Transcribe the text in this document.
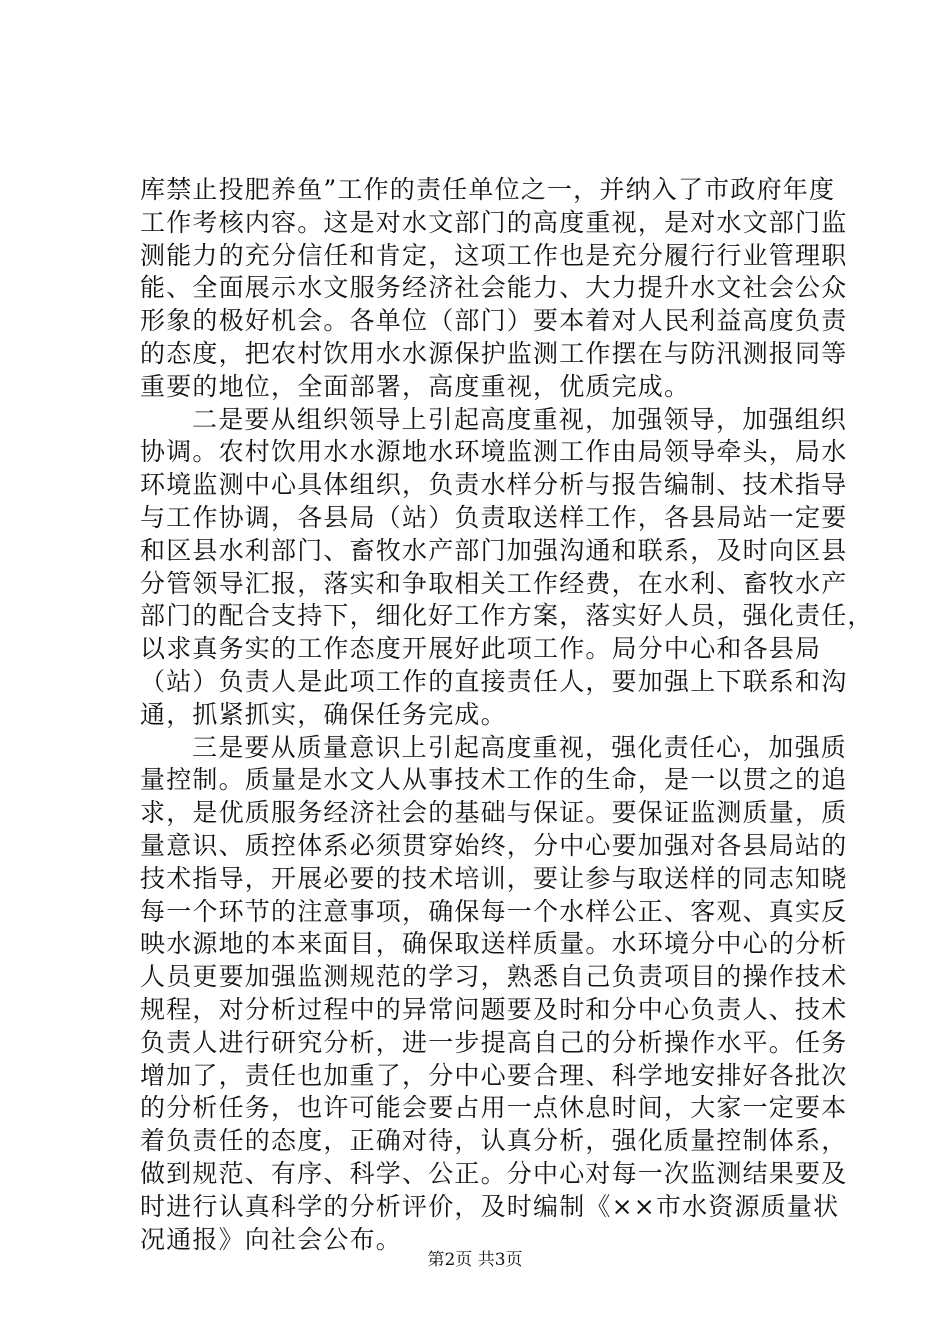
库禁止投肥养鱼”工作的责任单位之一，并纳入了市政府年度
工作考核内容。这是对水文部门的高度重视，是对水文部门监
测能力的充分信任和肯定，这项工作也是充分履行行业管理职
能、全面展示水文服务经济社会能力、大力提升水文社会公众
形象的极好机会。各单位（部门）要本着对人民利益高度负责
的态度，把农村饮用水水源保护监测工作摆在与防汛测报同等
重要的地位，全面部署，高度重视，优质完成。
二是要从组织领导上引起高度重视，加强领导，加强组织
协调。农村饮用水水源地水环境监测工作由局领导牵头，局水
环境监测中心具体组织，负责水样分析与报告编制、技术指导
与工作协调，各县局（站）负责取送样工作，各县局站一定要
和区县水利部门、畜牧水产部门加强沟通和联系，及时向区县
分管领导汇报，落实和争取相关工作经费，在水利、畜牧水产
部门的配合支持下，细化好工作方案，落实好人员，强化责任，
以求真务实的工作态度开展好此项工作。局分中心和各县局
（站）负责人是此项工作的直接责任人，要加强上下联系和沟
通，抓紧抓实，确保任务完成。
三是要从质量意识上引起高度重视，强化责任心，加强质
量控制。质量是水文人从事技术工作的生命，是一以贯之的追
求，是优质服务经济社会的基础与保证。要保证监测质量，质
量意识、质控体系必须贯穿始终，分中心要加强对各县局站的
技术指导，开展必要的技术培训，要让参与取送样的同志知晓
每一个环节的注意事项，确保每一个水样公正、客观、真实反
映水源地的本来面目，确保取送样质量。水环境分中心的分析
人员更要加强监测规范的学习，熟悉自己负责项目的操作技术
规程，对分析过程中的异常问题要及时和分中心负责人、技术
负责人进行研究分析，进一步提高自己的分析操作水平。任务
增加了，责任也加重了，分中心要合理、科学地安排好各批次
的分析任务，也许可能会要占用一点休息时间，大家一定要本
着负责任的态度，正确对待，认真分析，强化质量控制体系，
做到规范、有序、科学、公正。分中心对每一次监测结果要及
时进行认真科学的分析评价，及时编制《××市水资源质量状
况通报》向社会公布。
第2页 共3页
